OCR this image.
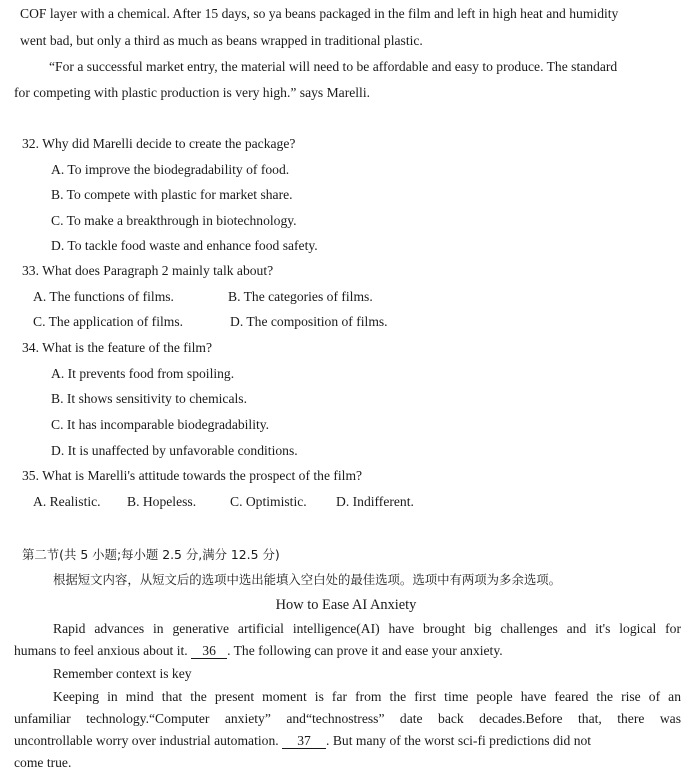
COF layer with a chemical. After 15 days, so ya beans packaged in the film and left in high heat and humidity
went bad, but only a third as much as beans wrapped in traditional plastic.
“For a successful market entry, the material will need to be affordable and easy to produce. The standard
for competing with plastic production is very high.” says Marelli.
32. Why did Marelli decide to create the package?
A. To improve the biodegradability of food.
B. To compete with plastic for market share.
C. To make a breakthrough in biotechnology.
D. To tackle food waste and enhance food safety.
33. What does Paragraph 2 mainly talk about?
A. The functions of films.	B. The categories of films.
C. The application of films.	D. The composition of films.
34. What is the feature of the film?
A. It prevents food from spoiling.
B. It shows sensitivity to chemicals.
C. It has incomparable biodegradability.
D. It is unaffected by unfavorable conditions.
35. What is Marelli's attitude towards the prospect of the film?
A. Realistic. B. Hopeless. C. Optimistic. D. Indifferent.
第二节(共 5 小题;每小题 2.5 分,满分 12.5 分)
根据短文内容，从短文后的选项中选出能填入空白处的最佳选项。选项中有两项为多余选项。
How to Ease AI Anxiety
Rapid advances in generative artificial intelligence(AI) have brought big challenges and it's logical for
humans to feel anxious about it. 36 . The following can prove it and ease your anxiety.
Remember context is key
Keeping in mind that the present moment is far from the first time people have feared the rise of an
unfamiliar technology.“Computer anxiety” and“technostress” date back decades.Before that, there was
uncontrollable worry over industrial automation. 37 . But many of the worst sci-fi predictions did not
come true.
